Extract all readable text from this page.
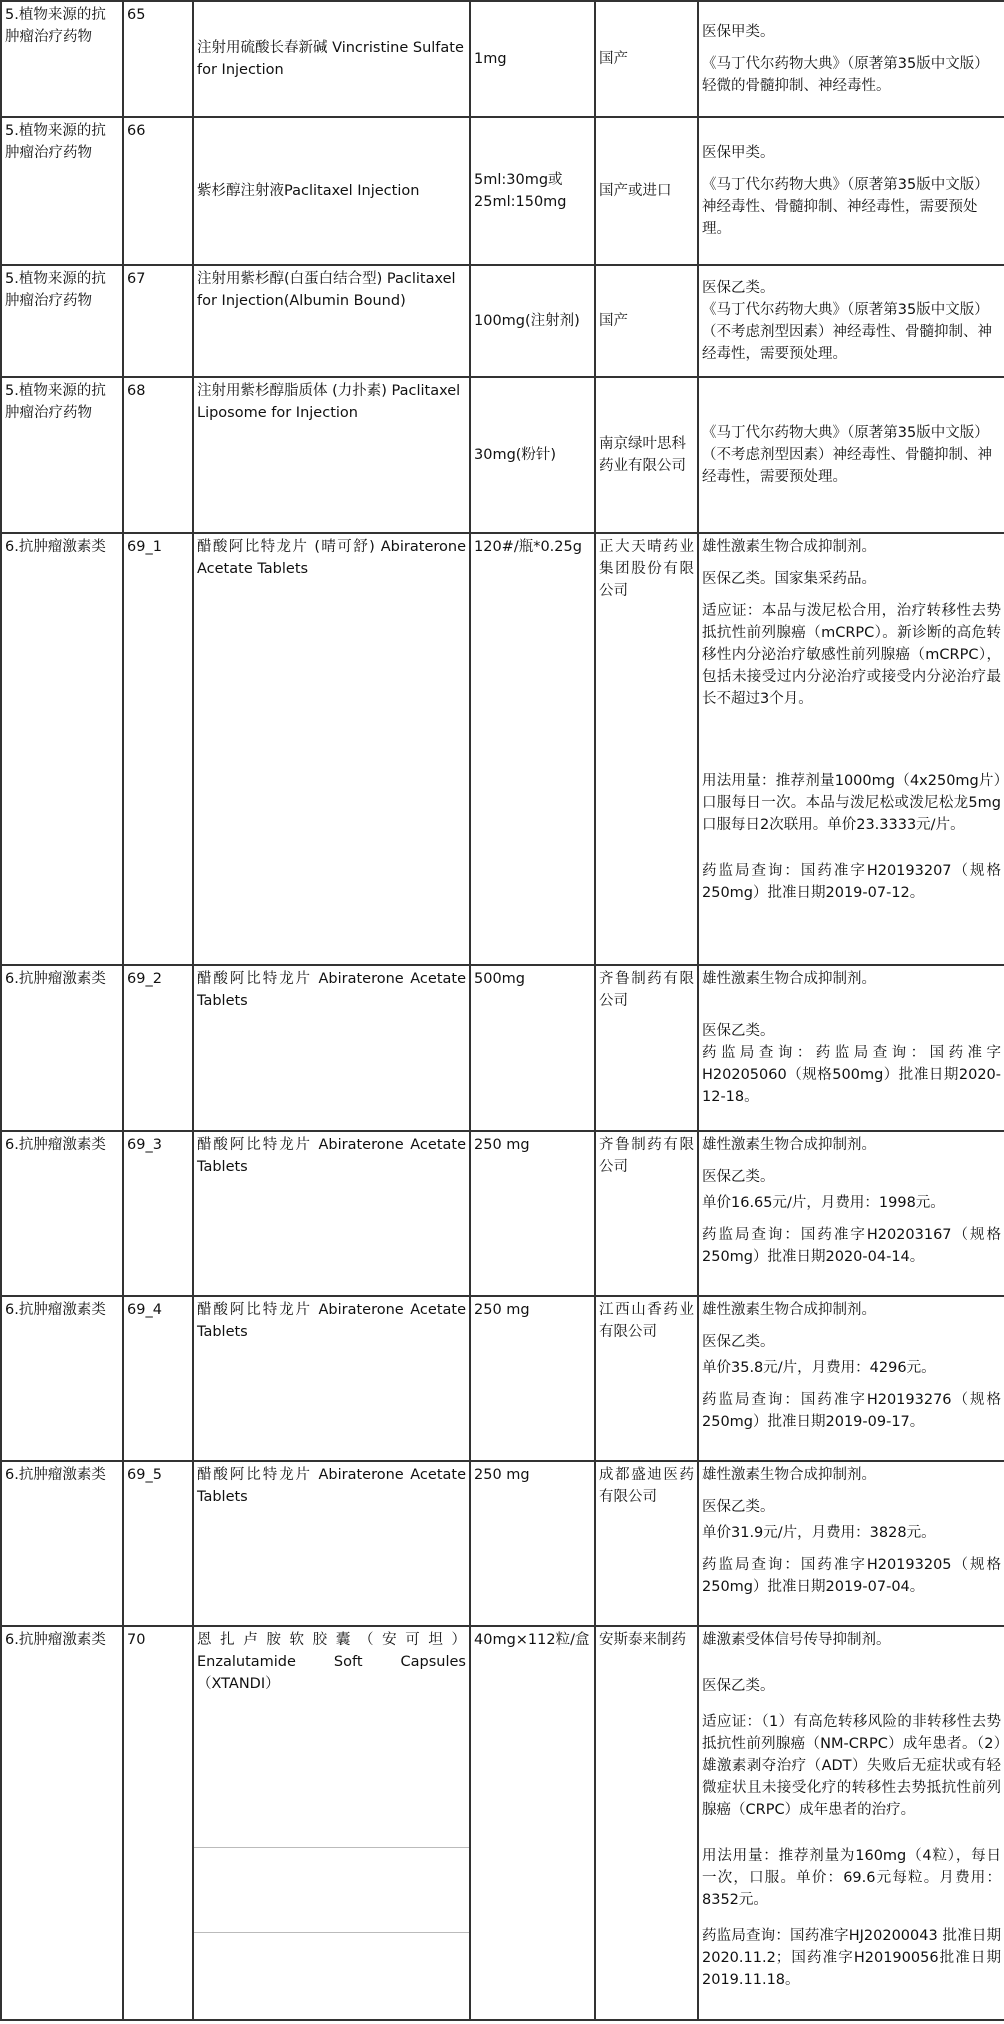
5.植物来源的抗肿瘤治疗药物	65	注射用硫酸长春新碱 Vincristine Sulfate for Injection	1mg	国产	医保甲类。

《马丁代尔药物大典》（原著第35版中文版）轻微的骨髓抑制、神经毒性。

5.植物来源的抗肿瘤治疗药物	66	紫杉醇注射液Paclitaxel Injection	5ml:30mg或25ml:150mg	国产或进口	医保甲类。

《马丁代尔药物大典》（原著第35版中文版）神经毒性、骨髓抑制、神经毒性，需要预处理。

5.植物来源的抗肿瘤治疗药物	67	注射用紫杉醇(白蛋白结合型) Paclitaxel for Injection(Albumin Bound)	100mg(注射剂)	国产	医保乙类。

《马丁代尔药物大典》（原著第35版中文版）（不考虑剂型因素）神经毒性、骨髓抑制、神经毒性，需要预处理。

5.植物来源的抗肿瘤治疗药物	68	注射用紫杉醇脂质体 (力扑素) Paclitaxel Liposome for Injection	30mg(粉针)	南京绿叶思科药业有限公司	《马丁代尔药物大典》（原著第35版中文版）（不考虑剂型因素）神经毒性、骨髓抑制、神经毒性，需要预处理。

6.抗肿瘤激素类	69_1	醋酸阿比特龙片 (晴可舒) Abiraterone Acetate Tablets	120#/瓶*0.25g	正大天晴药业集团股份有限公司	雄性激素生物合成抑制剂。

医保乙类。国家集采药品。

适应证：本品与泼尼松合用，治疗转移性去势抵抗性前列腺癌（mCRPC）。新诊断的高危转移性内分泌治疗敏感性前列腺癌（mCRPC），包括未接受过内分泌治疗或接受内分泌治疗最长不超过3个月。

用法用量：推荐剂量1000mg（4x250mg片）口服每日一次。本品与泼尼松或泼尼松龙5mg口服每日2次联用。单价23.3333元/片。

药监局查询：国药准字H20193207（规格250mg）批准日期2019-07-12。

6.抗肿瘤激素类	69_2	醋酸阿比特龙片 Abiraterone Acetate Tablets	500mg	齐鲁制药有限公司	雄性激素生物合成抑制剂。

医保乙类。

药监局查询：药监局查询：国药准字H20205060（规格500mg）批准日期2020-12-18。

6.抗肿瘤激素类	69_3	醋酸阿比特龙片 Abiraterone Acetate Tablets	250 mg	齐鲁制药有限公司	雄性激素生物合成抑制剂。

医保乙类。

单价16.65元/片，月费用：1998元。

药监局查询：国药准字H20203167（规格250mg）批准日期2020-04-14。

6.抗肿瘤激素类	69_4	醋酸阿比特龙片 Abiraterone Acetate Tablets	250 mg	江西山香药业有限公司	雄性激素生物合成抑制剂。

医保乙类。

单价35.8元/片，月费用：4296元。

药监局查询：国药准字H20193276（规格250mg）批准日期2019-09-17。

6.抗肿瘤激素类	69_5	醋酸阿比特龙片 Abiraterone Acetate Tablets	250 mg	成都盛迪医药有限公司	雄性激素生物合成抑制剂。

医保乙类。

单价31.9元/片，月费用：3828元。

药监局查询：国药准字H20193205（规格250mg）批准日期2019-07-04。

6.抗肿瘤激素类	70	恩扎卢胺软胶囊（安可坦）Enzalutamide Soft Capsules（XTANDI）	40mg×112粒/盒	安斯泰来制药	雄激素受体信号传导抑制剂。

医保乙类。

适应证：（1）有高危转移风险的非转移性去势抵抗性前列腺癌（NM-CRPC）成年患者。（2）雄激素剥夺治疗（ADT）失败后无症状或有轻微症状且未接受化疗的转移性去势抵抗性前列腺癌（CRPC）成年患者的治疗。

用法用量：推荐剂量为160mg（4粒），每日一次，口服。单价：69.6元每粒。月费用：8352元。

药监局查询：国药准字HJ20200043 批准日期2020.11.2；国药准字H20190056批准日期2019.11.18。
